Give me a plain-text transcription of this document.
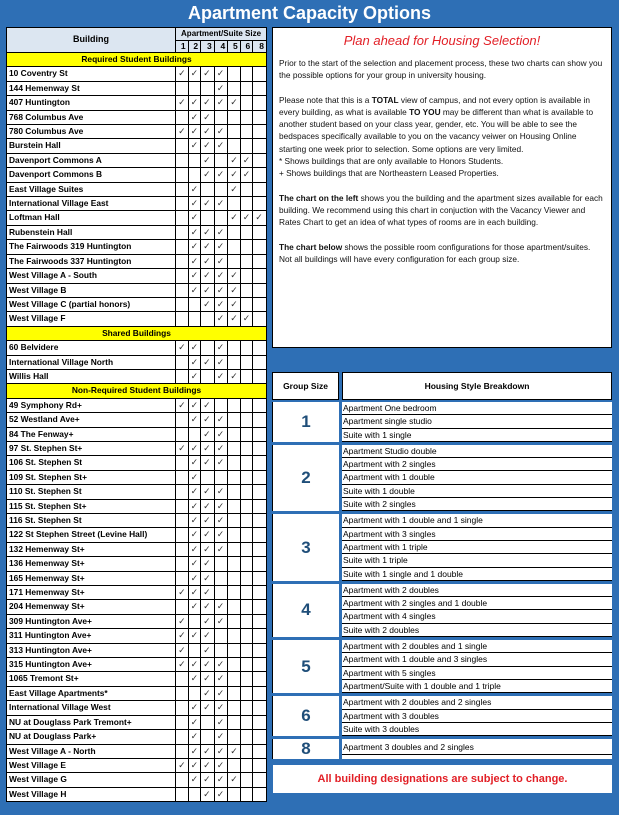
Apartment Capacity Options
Building	Apartment/Suite Size						
	1	2	3	4	5	6	8
Required Student Buildings							
10 Coventry St	✓	✓	✓	✓			
144 Hemenway St				✓			
407 Huntington	✓	✓	✓	✓	✓		
768 Columbus Ave		✓	✓				
780 Columbus Ave	✓	✓	✓	✓			
Burstein Hall		✓	✓	✓			
Davenport Commons A			✓		✓	✓	
Davenport Commons B			✓	✓	✓	✓	
East Village Suites		✓			✓		
International Village East		✓	✓	✓			
Loftman Hall		✓			✓	✓	✓
Rubenstein Hall		✓	✓	✓			
The Fairwoods 319 Huntington		✓	✓	✓			
The Fairwoods 337 Huntington		✓	✓	✓			
West Village A - South		✓	✓	✓	✓		
West Village B		✓	✓	✓	✓		
West Village C (partial honors)			✓	✓	✓		
West Village F				✓	✓	✓	
Shared Buildings							
60 Belvidere	✓	✓		✓			
International Village North		✓	✓	✓			
Willis Hall		✓		✓	✓		
Non-Required Student Buildings							
49 Symphony Rd+	✓	✓	✓				
52 Westland Ave+		✓	✓	✓			
84 The Fenway+			✓	✓			
97 St. Stephen St+	✓	✓	✓	✓			
106 St. Stephen St		✓	✓	✓			
109 St. Stephen St+		✓					
110 St. Stephen St		✓	✓	✓			
115 St. Stephen St+		✓	✓	✓			
116 St. Stephen St		✓	✓	✓			
122 St Stephen Street (Levine Hall)		✓	✓	✓			
132 Hemenway St+		✓	✓	✓			
136 Hemenway St+		✓	✓				
165 Hemenway St+		✓	✓				
171 Hemenway St+	✓	✓	✓				
204 Hemenway St+		✓	✓	✓			
309 Huntington Ave+	✓		✓	✓			
311 Huntington Ave+	✓	✓	✓				
313 Huntington Ave+	✓		✓				
315 Huntington Ave+	✓	✓	✓	✓			
1065 Tremont St+		✓	✓	✓			
East Village Apartments*			✓	✓			
International Village West		✓	✓	✓			
NU at Douglass Park Tremont+		✓		✓			
NU at Douglass Park+		✓		✓			
West Village A - North		✓	✓	✓	✓		
West Village E	✓	✓	✓	✓			
West Village G		✓	✓	✓	✓		
West Village H			✓	✓			
Plan ahead for Housing Selection!

Prior to the start of the selection and placement process, these two charts can show you the possible options for your group in university housing.

Please note that this is a TOTAL view of campus, and not every option is available in every building, as what is available TO YOU may be different than what is available to another student based on your class year, gender, etc. You will be able to see the bedspaces specifically available to you on the vacancy veiwer on Housing Online starting one week prior to selection. Some options are very limited.

* Shows buildings that are only available to Honors Students.
+ Shows buildings that are Northeastern Leased Properties.

The chart on the left shows you the building and the apartment sizes available for each building. We recommend using this chart in conjuction with the Vacancy Viewer and Rates Chart to get an idea of what types of rooms are in each building.

The chart below shows the possible room configurations for those apartment/suites. Not all buildings will have every configuration for each group size.

Group Size	Housing Style Breakdown
1
Apartment One bedroom
Apartment single studio
Suite with 1 single
2
Apartment Studio double
Apartment with 2 singles
Apartment with 1 double
Suite with 1 double
Suite with 2 singles
3
Apartment with 1 double and 1 single
Apartment with 3 singles
Apartment with 1 triple
Suite with 1 triple
Suite with 1 single and 1 double
4
Apartment with 2 doubles
Apartment with 2 singles and 1 double
Apartment with 4 singles
Suite with 2 doubles
5
Apartment with 2 doubles and 1 single
Apartment with 1 double and 3 singles
Apartment with 5 singles
Apartment/Suite with 1 double and 1 triple
6
Apartment with 2 doubles and 2 singles
Apartment with 3 doubles
Suite with 3 doubles
8	Apartment 3 doubles and 2 singles
All building designations are subject to change.
